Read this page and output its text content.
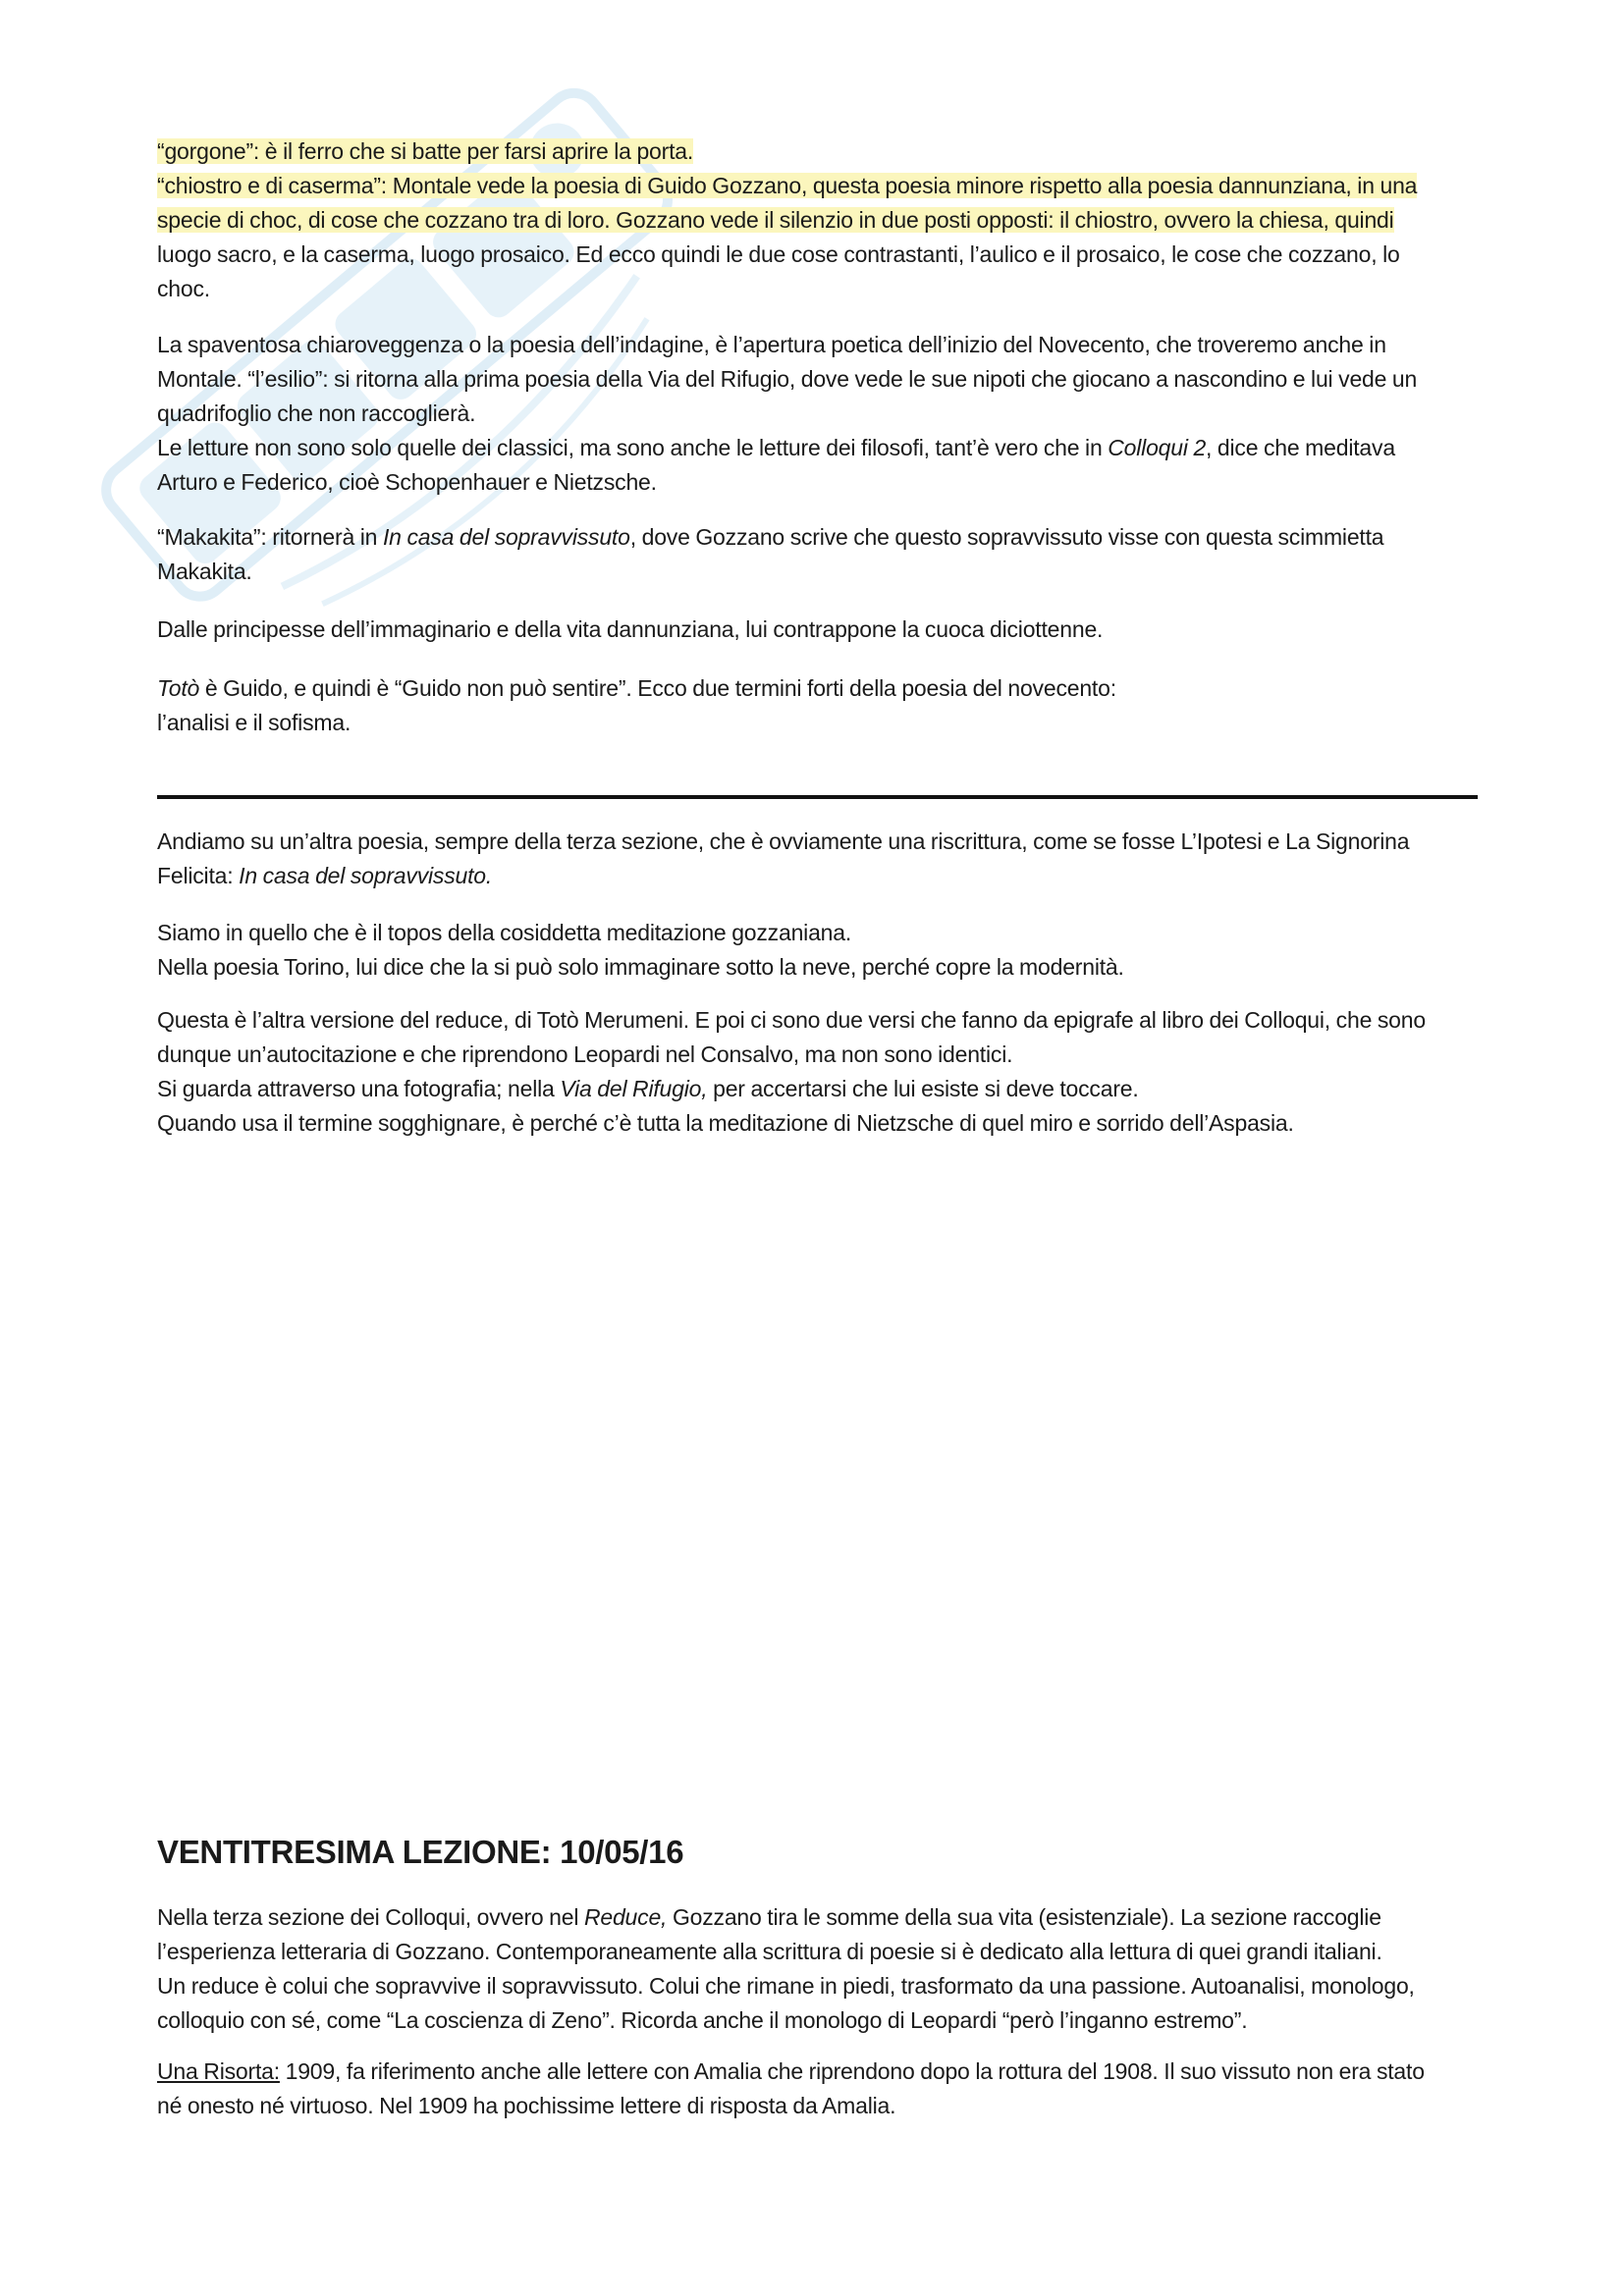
“gorgone”: è il ferro che si batte per farsi aprire la porta.

“chiostro e di caserma”: Montale vede la poesia di Guido Gozzano, questa poesia minore rispetto alla poesia dannunziana, in una

specie di choc, di cose che cozzano tra di loro. Gozzano vede il silenzio in due posti opposti: il chiostro, ovvero la chiesa, quindi

luogo sacro, e la caserma, luogo prosaico. Ed ecco quindi le due cose contrastanti, l’aulico e il prosaico, le cose che cozzano, lo

choc.

La spaventosa chiaroveggenza o la poesia dell’indagine, è l’apertura poetica dell’inizio del Novecento, che troveremo anche in

Montale. “l’esilio”: si ritorna alla prima poesia della Via del Rifugio, dove vede le sue nipoti che giocano a nascondino e lui vede un

quadrifoglio che non raccoglierà.

Le letture non sono solo quelle dei classici, ma sono anche le letture dei filosofi, tant’è vero che in Colloqui 2, dice che meditava

Arturo e Federico, cioè Schopenhauer e Nietzsche.

“Makakita”: ritornerà in In casa del sopravvissuto, dove Gozzano scrive che questo sopravvissuto visse con questa scimmietta

Makakita.

Dalle principesse dell’immaginario e della vita dannunziana, lui contrappone la cuoca diciottenne.

Totò è Guido, e quindi è “Guido non può sentire”. Ecco due termini forti della poesia del novecento:

l’analisi e il sofisma.

Andiamo su un’altra poesia, sempre della terza sezione, che è ovviamente una riscrittura, come se fosse L’Ipotesi e La Signorina

Felicita: In casa del sopravvissuto.

Siamo in quello che è il topos della cosiddetta meditazione gozzaniana.

Nella poesia Torino, lui dice che la si può solo immaginare sotto la neve, perché copre la modernità.

Questa è l’altra versione del reduce, di Totò Merumeni. E poi ci sono due versi che fanno da epigrafe al libro dei Colloqui, che sono

dunque un’autocitazione e che riprendono Leopardi nel Consalvo, ma non sono identici.

Si guarda attraverso una fotografia; nella Via del Rifugio, per accertarsi che lui esiste si deve toccare.

Quando usa il termine sogghignare, è perché c’è tutta la meditazione di Nietzsche di quel miro e sorrido dell’Aspasia.

VENTITRESIMA LEZIONE: 10/05/16

Nella terza sezione dei Colloqui, ovvero nel Reduce, Gozzano tira le somme della sua vita (esistenziale). La sezione raccoglie

l’esperienza letteraria di Gozzano. Contemporaneamente alla scrittura di poesie si è dedicato alla lettura di quei grandi italiani.

Un reduce è colui che sopravvive il sopravvissuto. Colui che rimane in piedi, trasformato da una passione. Autoanalisi, monologo,

colloquio con sé, come “La coscienza di Zeno”. Ricorda anche il monologo di Leopardi “però l’inganno estremo”.

Una Risorta: 1909, fa riferimento anche alle lettere con Amalia che riprendono dopo la rottura del 1908. Il suo vissuto non era stato

né onesto né virtuoso. Nel 1909 ha pochissime lettere di risposta da Amalia.
